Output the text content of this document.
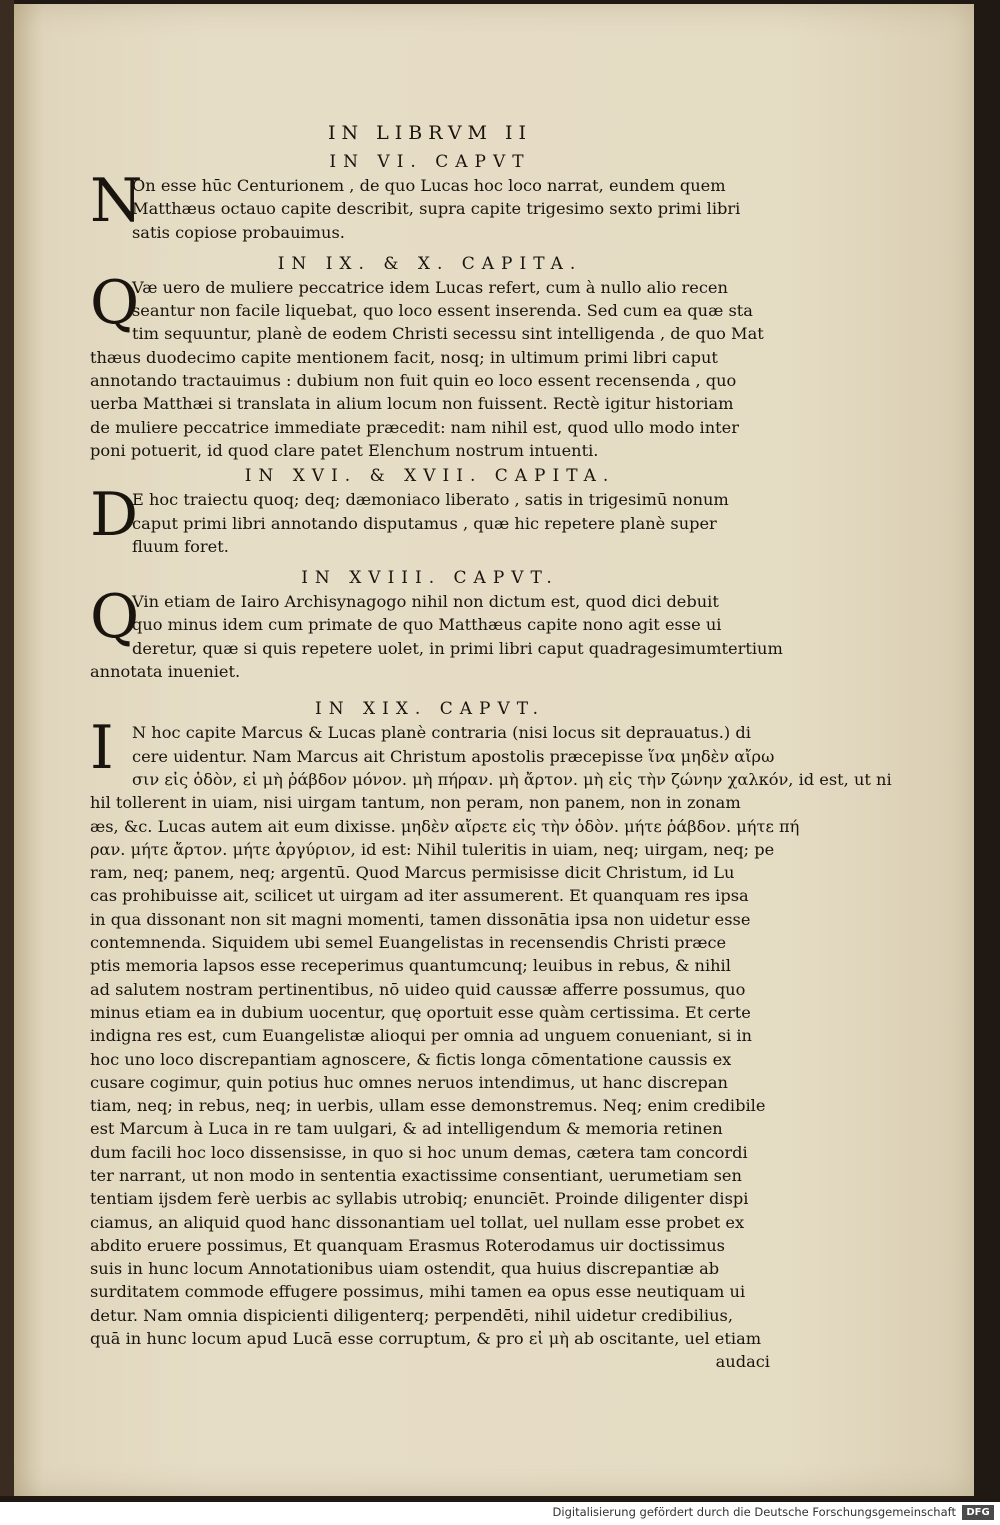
IN LIBRVM II
IN VI. CAPVT
N
On esse hūc Centurionem , de quo Lucas hoc loco narrat, eundem quem
Matthæus octauo capite describit, supra capite trigesimo sexto primi libri
satis copiose probauimus.
IN IX. & X. CAPITA.
Q
Væ uero de muliere peccatrice idem Lucas refert, cum à nullo alio recen
seantur non facile liquebat, quo loco essent inserenda. Sed cum ea quæ sta
tim sequuntur, planè de eodem Christi secessu sint intelligenda , de quo Mat
thæus duodecimo capite mentionem facit, nosq; in ultimum primi libri caput
annotando tractauimus : dubium non fuit quin eo loco essent recensenda , quo
uerba Matthæi si translata in alium locum non fuissent. Rectè igitur historiam
de muliere peccatrice immediate præcedit: nam nihil est, quod ullo modo inter
poni potuerit, id quod clare patet Elenchum nostrum intuenti.
IN XVI. & XVII. CAPITA.
D
E hoc traiectu quoq; deq; dæmoniaco liberato , satis in trigesimū nonum
caput primi libri annotando disputamus , quæ hic repetere planè super
fluum foret.
IN XVIII. CAPVT.
Q
Vin etiam de Iairo Archisynagogo nihil non dictum est, quod dici debuit
quo minus idem cum primate de quo Matthæus capite nono agit esse ui
deretur, quæ si quis repetere uolet, in primi libri caput quadragesimumtertium
annotata inueniet.
IN XIX. CAPVT.
I	N hoc capite Marcus & Lucas planè contraria (nisi locus sit deprauatus.) di
cere uidentur. Nam Marcus ait Christum apostolis præcepisse ἵνα μηδὲν αἴρω
σιν εἰς ὁδὸν, εἰ μὴ ῥάβδον μόνον. μὴ πήραν. μὴ ἄρτον. μὴ εἰς τὴν ζώνην χαλκόν, id est, ut ni
hil tollerent in uiam, nisi uirgam tantum, non peram, non panem, non in zonam
æs, &c. Lucas autem ait eum dixisse. μηδὲν αἴρετε εἰς τὴν ὁδὸν. μήτε ῥάβδον. μήτε πή
ραν. μήτε ἄρτον. μήτε ἀργύριον, id est: Nihil tuleritis in uiam, neq; uirgam, neq; pe
ram, neq; panem, neq; argentū. Quod Marcus permisisse dicit Christum, id Lu
cas prohibuisse ait, scilicet ut uirgam ad iter assumerent. Et quanquam res ipsa
in qua dissonant non sit magni momenti, tamen dissonātia ipsa non uidetur esse
contemnenda. Siquidem ubi semel Euangelistas in recensendis Christi præce
ptis memoria lapsos esse receperimus quantumcunq; leuibus in rebus, & nihil
ad salutem nostram pertinentibus, nō uideo quid caussæ afferre possumus, quo
minus etiam ea in dubium uocentur, quę oportuit esse quàm certissima. Et certe
indigna res est, cum Euangelistæ alioqui per omnia ad unguem conueniant, si in
hoc uno loco discrepantiam agnoscere, & fictis longa cōmentatione caussis ex
cusare cogimur, quin potius huc omnes neruos intendimus, ut hanc discrepan
tiam, neq; in rebus, neq; in uerbis, ullam esse demonstremus. Neq; enim credibile
est Marcum à Luca in re tam uulgari, & ad intelligendum & memoria retinen
dum facili hoc loco dissensisse, in quo si hoc unum demas, cætera tam concordi
ter narrant, ut non modo in sententia exactissime consentiant, uerumetiam sen
tentiam ijsdem ferè uerbis ac syllabis utrobiq; enunciēt. Proinde diligenter dispi
ciamus, an aliquid quod hanc dissonantiam uel tollat, uel nullam esse probet ex
abdito eruere possimus, Et quanquam Erasmus Roterodamus uir doctissimus
suis in hunc locum Annotationibus uiam ostendit, qua huius discrepantiæ ab
surditatem commode effugere possimus, mihi tamen ea opus esse neutiquam ui
detur. Nam omnia dispicienti diligenterq; perpendēti, nihil uidetur credibilius,
quā in hunc locum apud Lucā esse corruptum, & pro εἰ μὴ ab oscitante, uel etiam
audaci
Digitalisierung gefördert durch die Deutsche Forschungsgemeinschaft	DFG
